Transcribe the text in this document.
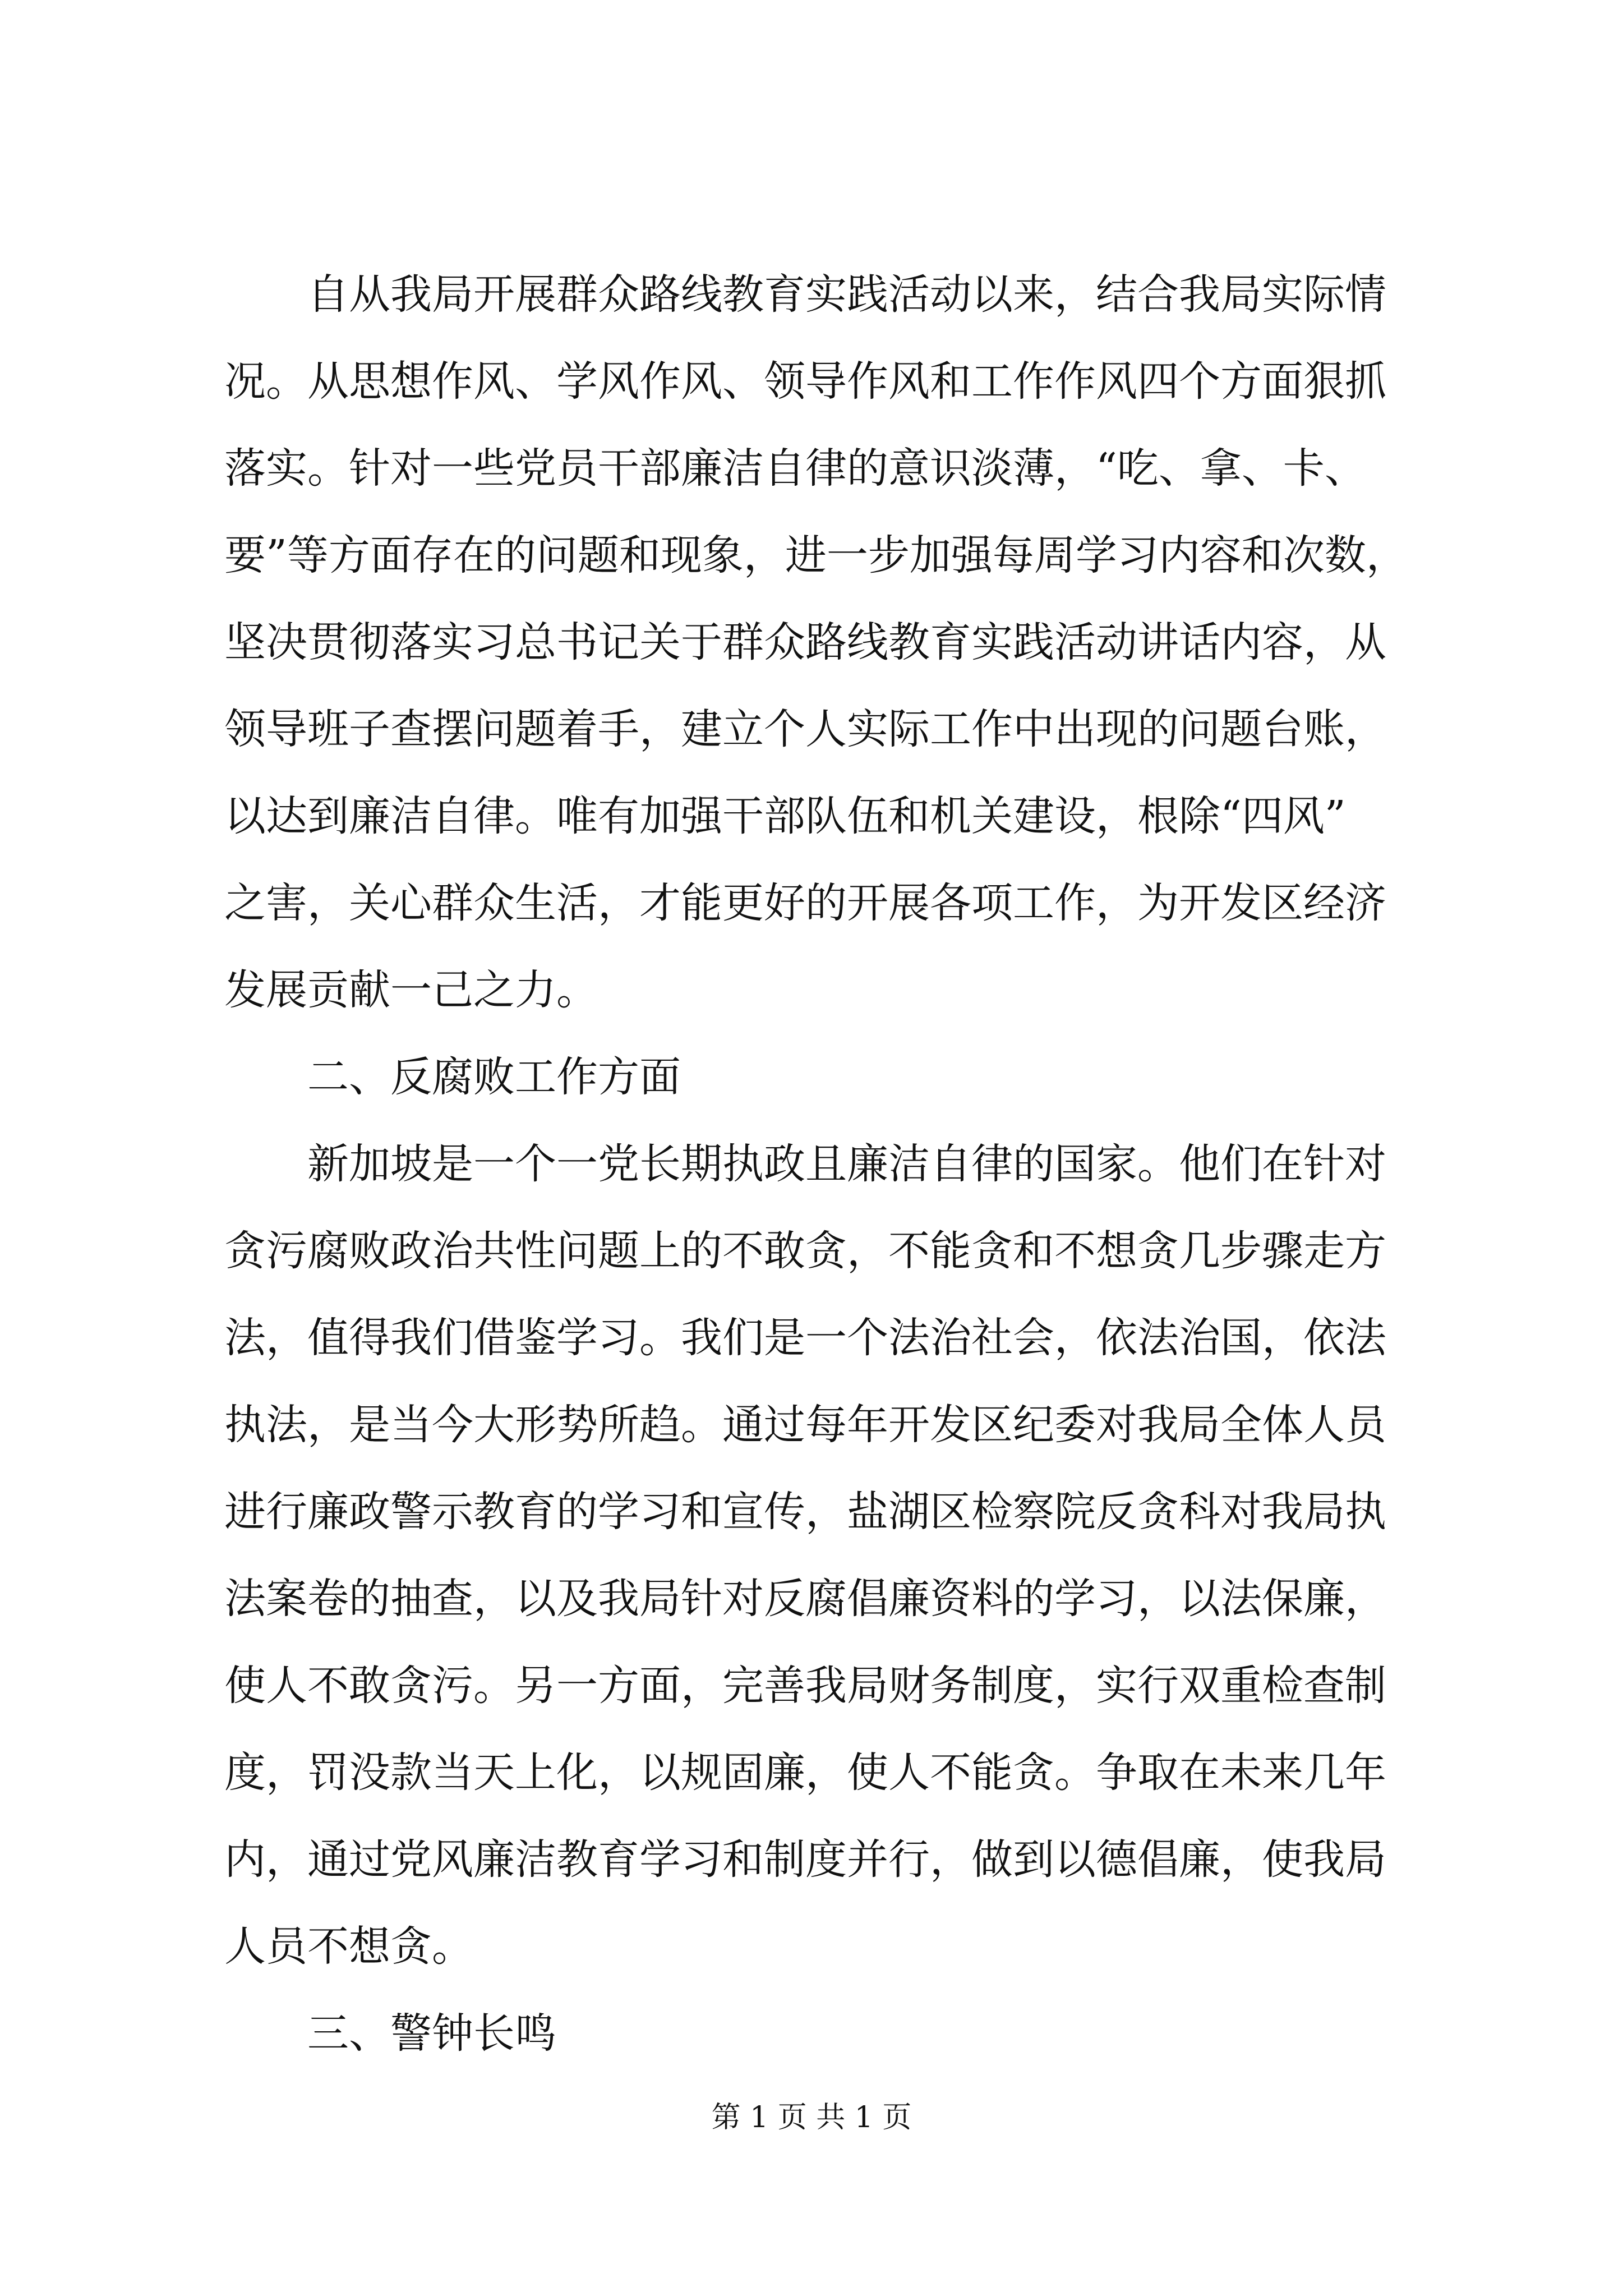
自从我局开展群众路线教育实践活动以来，结合我局实际情
况。从思想作风、学风作风、领导作风和工作作风四个方面狠抓
落实。针对一些党员干部廉洁自律的意识淡薄，“吃、拿、卡、
要”等方面存在的问题和现象，进一步加强每周学习内容和次数，
坚决贯彻落实习总书记关于群众路线教育实践活动讲话内容，从
领导班子查摆问题着手，建立个人实际工作中出现的问题台账，
以达到廉洁自律。唯有加强干部队伍和机关建设，根除“四风”
之害，关心群众生活，才能更好的开展各项工作，为开发区经济
发展贡献一己之力。
二、反腐败工作方面
新加坡是一个一党长期执政且廉洁自律的国家。他们在针对
贪污腐败政治共性问题上的不敢贪，不能贪和不想贪几步骤走方
法，值得我们借鉴学习。我们是一个法治社会，依法治国，依法
执法，是当今大形势所趋。通过每年开发区纪委对我局全体人员
进行廉政警示教育的学习和宣传，盐湖区检察院反贪科对我局执
法案卷的抽查，以及我局针对反腐倡廉资料的学习，以法保廉，
使人不敢贪污。另一方面，完善我局财务制度，实行双重检查制
度，罚没款当天上化，以规固廉，使人不能贪。争取在未来几年
内，通过党风廉洁教育学习和制度并行，做到以德倡廉，使我局
人员不想贪。
三、警钟长鸣
第 1 页 共 1 页
